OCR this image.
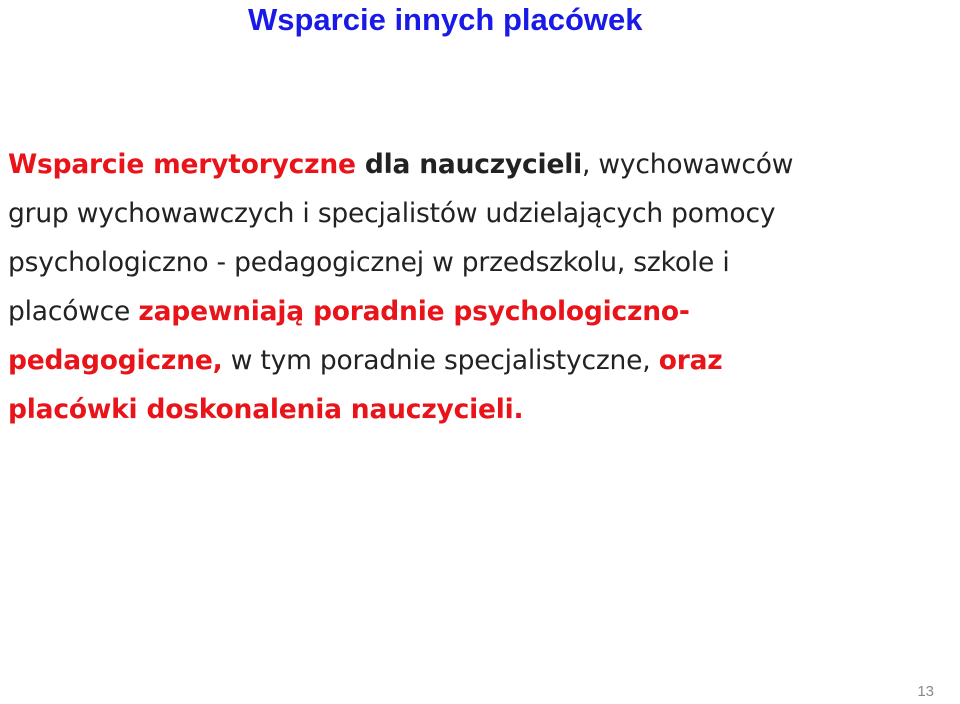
Wsparcie innych placówek
Wsparcie merytoryczne dla nauczycieli, wychowawców
grup wychowawczych i specjalistów udzielających pomocy
psychologiczno - pedagogicznej w przedszkolu, szkole i
placówce zapewniają poradnie psychologiczno-
pedagogiczne, w tym poradnie specjalistyczne, oraz
placówki doskonalenia nauczycieli.
13
